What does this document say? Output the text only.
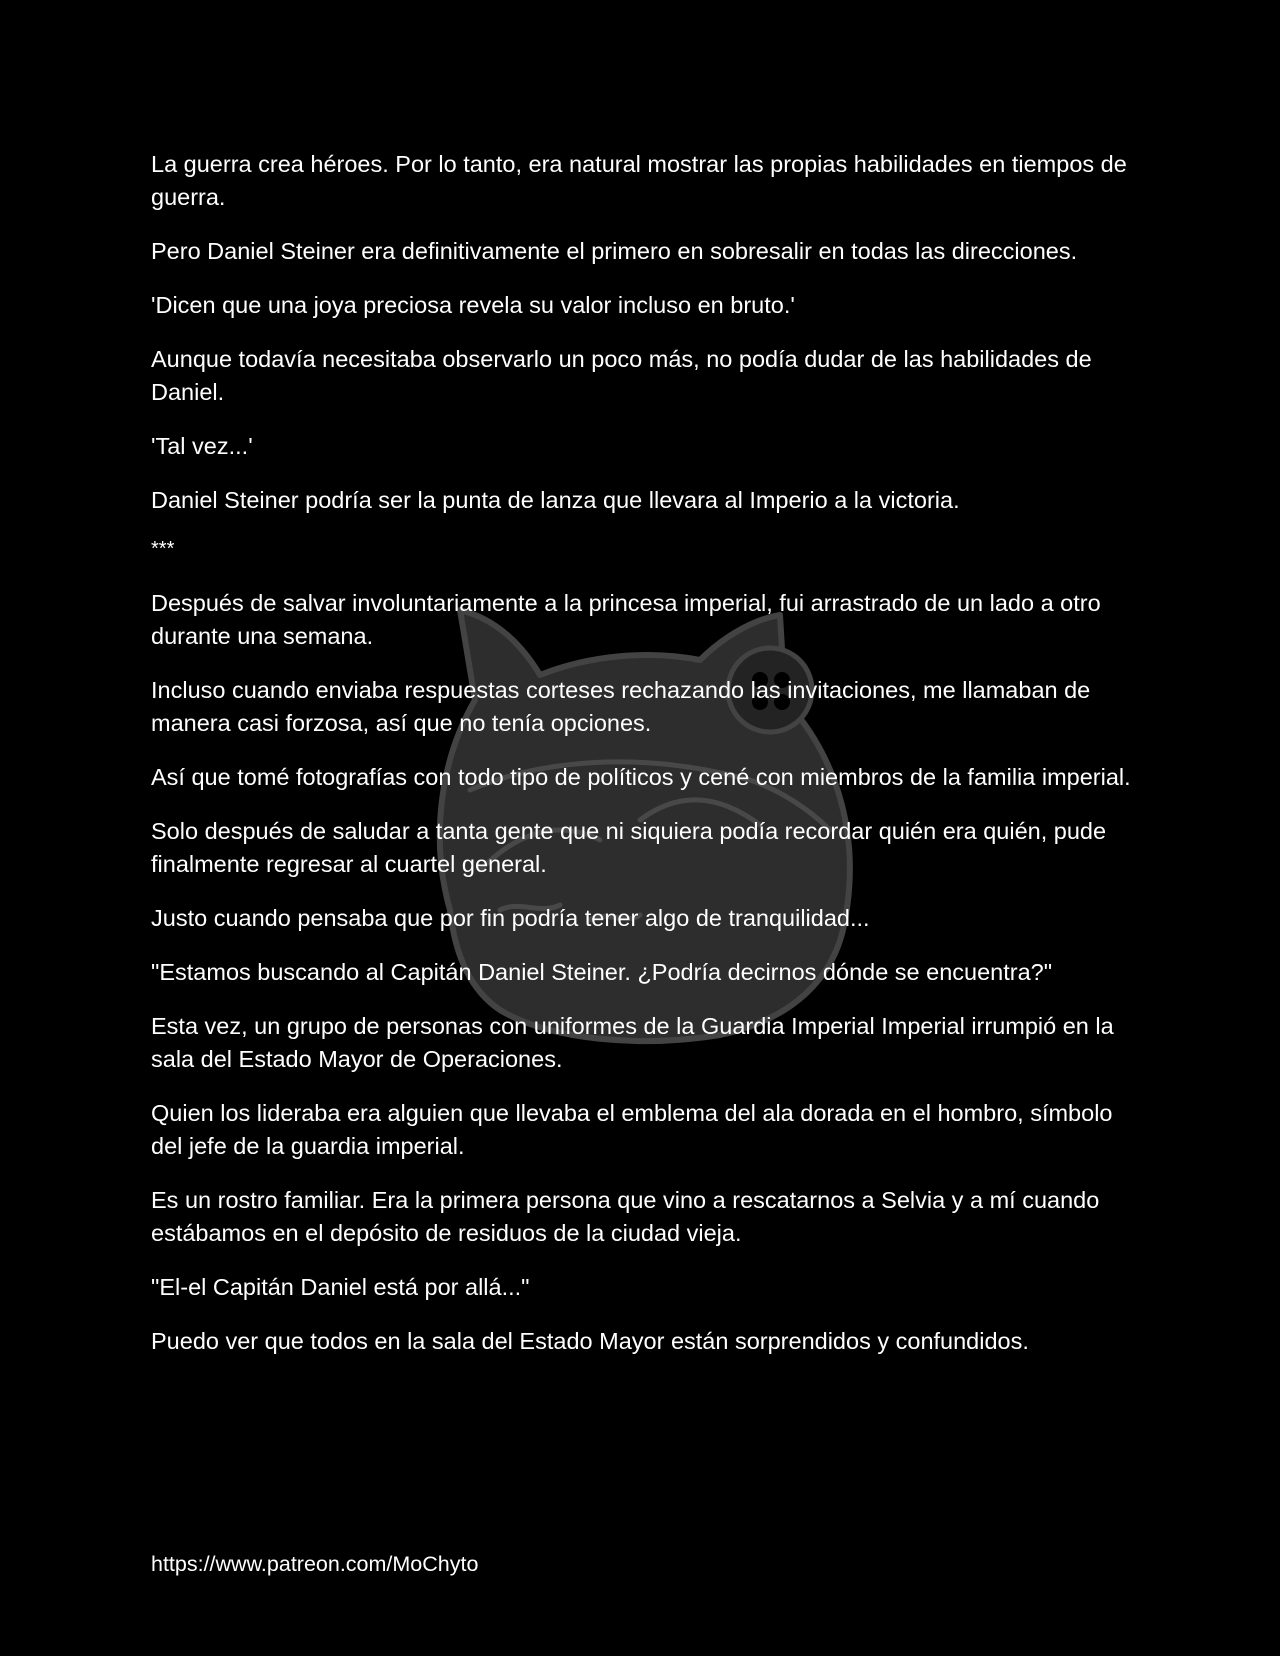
La guerra crea héroes. Por lo tanto, era natural mostrar las propias habilidades en tiempos de guerra.

Pero Daniel Steiner era definitivamente el primero en sobresalir en todas las direcciones.

'Dicen que una joya preciosa revela su valor incluso en bruto.'

Aunque todavía necesitaba observarlo un poco más, no podía dudar de las habilidades de Daniel.

'Tal vez...'

Daniel Steiner podría ser la punta de lanza que llevara al Imperio a la victoria.

***

Después de salvar involuntariamente a la princesa imperial, fui arrastrado de un lado a otro durante una semana.

Incluso cuando enviaba respuestas corteses rechazando las invitaciones, me llamaban de manera casi forzosa, así que no tenía opciones.

Así que tomé fotografías con todo tipo de políticos y cené con miembros de la familia imperial.

Solo después de saludar a tanta gente que ni siquiera podía recordar quién era quién, pude finalmente regresar al cuartel general.

Justo cuando pensaba que por fin podría tener algo de tranquilidad...

"Estamos buscando al Capitán Daniel Steiner. ¿Podría decirnos dónde se encuentra?"

Esta vez, un grupo de personas con uniformes de la Guardia Imperial Imperial irrumpió en la sala del Estado Mayor de Operaciones.

Quien los lideraba era alguien que llevaba el emblema del ala dorada en el hombro, símbolo del jefe de la guardia imperial.

Es un rostro familiar. Era la primera persona que vino a rescatarnos a Selvia y a mí cuando estábamos en el depósito de residuos de la ciudad vieja.

"El-el Capitán Daniel está por allá..."

Puedo ver que todos en la sala del Estado Mayor están sorprendidos y confundidos.

https://www.patreon.com/MoChyto
